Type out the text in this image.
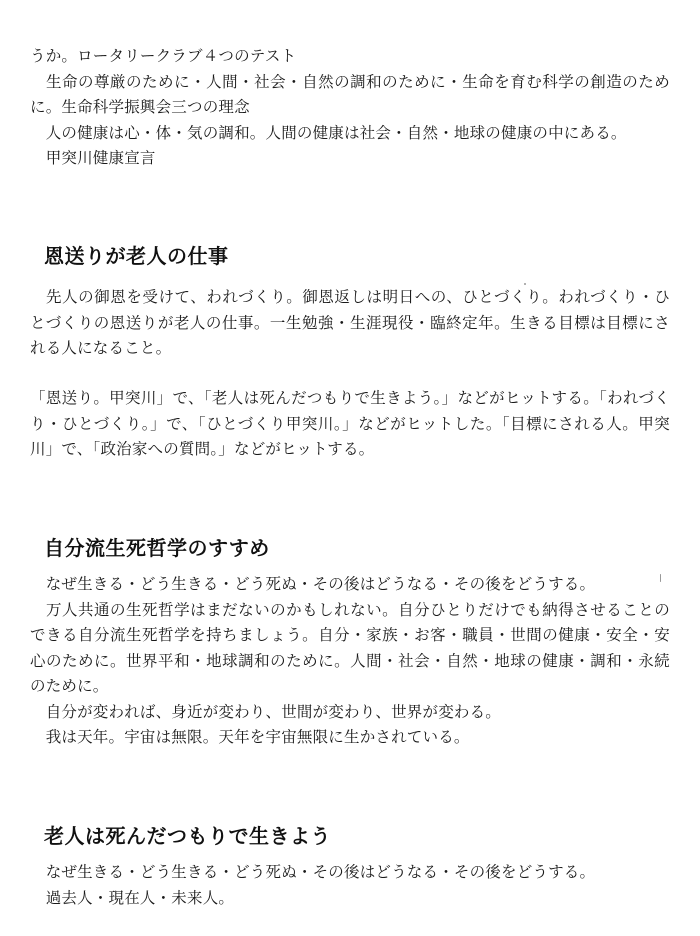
うか。ロータリークラブ４つのテスト
　生命の尊厳のために・人間・社会・自然の調和のために・生命を育む科学の創造のために。生命科学振興会三つの理念
　人の健康は心・体・気の調和。人間の健康は社会・自然・地球の健康の中にある。
　甲突川健康宣言

恩送りが老人の仕事

　先人の御恩を受けて、われづくり。御恩返しは明日への、ひとづくり。われづくり・ひとづくりの恩送りが老人の仕事。一生勉強・生涯現役・臨終定年。生きる目標は目標にされる人になること。

「恩送り。甲突川」で、「老人は死んだつもりで生きよう。」などがヒットする。「われづくり・ひとづくり。」で、「ひとづくり甲突川。」などがヒットした。「目標にされる人。甲突川」で、「政治家への質問。」などがヒットする。

自分流生死哲学のすすめ

　なぜ生きる・どう生きる・どう死ぬ・その後はどうなる・その後をどうする。
　万人共通の生死哲学はまだないのかもしれない。自分ひとりだけでも納得させることのできる自分流生死哲学を持ちましょう。自分・家族・お客・職員・世間の健康・安全・安心のために。世界平和・地球調和のために。人間・社会・自然・地球の健康・調和・永続のために。
　自分が変われば、身近が変わり、世間が変わり、世界が変わる。
　我は天年。宇宙は無限。天年を宇宙無限に生かされている。

老人は死んだつもりで生きよう

　なぜ生きる・どう生きる・どう死ぬ・その後はどうなる・その後をどうする。
　過去人・現在人・未来人。
